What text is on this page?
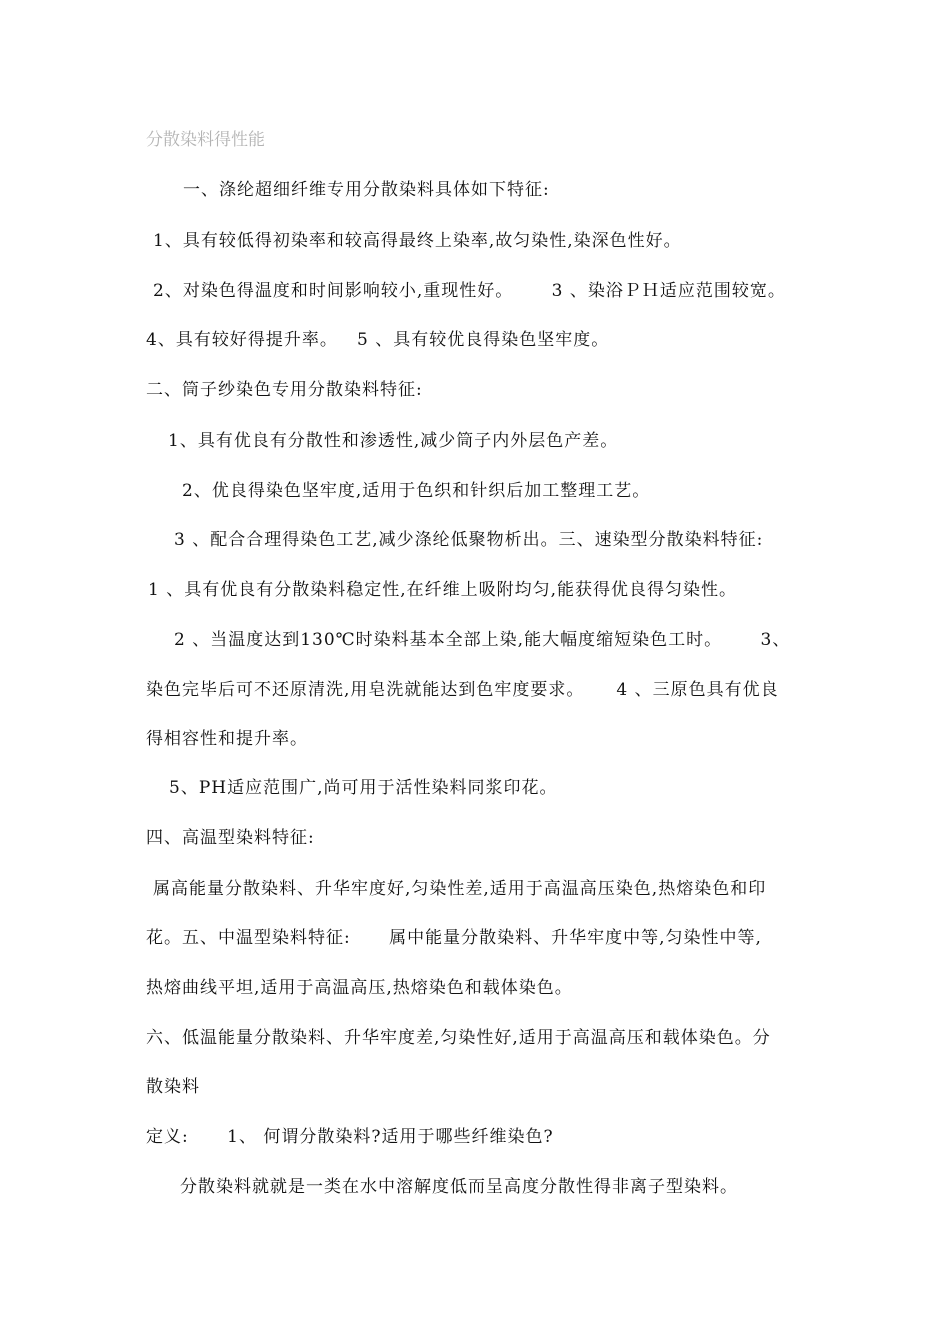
分散染料得性能
一、涤纶超细纤维专用分散染料具体如下特征:
1、具有较低得初染率和较高得最终上染率,故匀染性,染深色性好。
2、对染色得温度和时间影响较小,重现性好。      3 、染浴ＰＨ适应范围较宽。
4、具有较好得提升率。   5 、具有较优良得染色坚牢度。
二、筒子纱染色专用分散染料特征:
1、具有优良有分散性和渗透性,减少筒子内外层色产差。
2、优良得染色坚牢度,适用于色织和针织后加工整理工艺。
3 、配合合理得染色工艺,减少涤纶低聚物析出。三、速染型分散染料特征:
1 、具有优良有分散染料稳定性,在纤维上吸附均匀,能获得优良得匀染性。
2 、当温度达到130℃时染料基本全部上染,能大幅度缩短染色工时。      3、
染色完毕后可不还原清洗,用皂洗就能达到色牢度要求。     4 、三原色具有优良
得相容性和提升率。
5、PH适应范围广,尚可用于活性染料同浆印花。
四、高温型染料特征:
属高能量分散染料、升华牢度好,匀染性差,适用于高温高压染色,热熔染色和印
花。五、中温型染料特征:      属中能量分散染料、升华牢度中等,匀染性中等,
热熔曲线平坦,适用于高温高压,热熔染色和载体染色。
六、低温能量分散染料、升华牢度差,匀染性好,适用于高温高压和载体染色。分
散染料
定义:      1、 何谓分散染料?适用于哪些纤维染色?
分散染料就就是一类在水中溶解度低而呈高度分散性得非离子型染料。
